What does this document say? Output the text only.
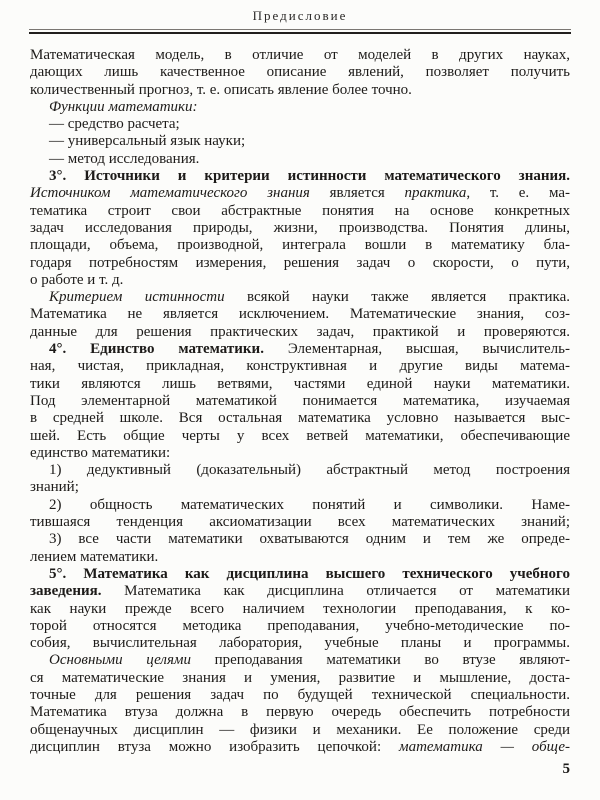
Предисловие
Математическая модель, в отличие от моделей в других науках,
дающих лишь качественное описание явлений, позволяет получить
количественный прогноз, т. е. описать явление более точно.
Функции математики:
— средство расчета;
— универсальный язык науки;
— метод исследования.
3°. Источники и критерии истинности математического знания.
Источником математического знания является практика, т. е. ма-
тематика строит свои абстрактные понятия на основе конкретных
задач исследования природы, жизни, производства. Понятия длины,
площади, объема, производной, интеграла вошли в математику бла-
годаря потребностям измерения, решения задач о скорости, о пути,
о работе и т. д.
Критерием истинности всякой науки также является практика.
Математика не является исключением. Математические знания, соз-
данные для решения практических задач, практикой и проверяются.
4°. Единство математики. Элементарная, высшая, вычислитель-
ная, чистая, прикладная, конструктивная и другие виды матема-
тики являются лишь ветвями, частями единой науки математики.
Под элементарной математикой понимается математика, изучаемая
в средней школе. Вся остальная математика условно называется выс-
шей. Есть общие черты у всех ветвей математики, обеспечивающие
единство математики:
1) дедуктивный (доказательный) абстрактный метод построения
знаний;
2) общность математических понятий и символики. Наме-
тившаяся тенденция аксиоматизации всех математических знаний;
3) все части математики охватываются одним и тем же опреде-
лением математики.
5°. Математика как дисциплина высшего технического учебного
заведения. Математика как дисциплина отличается от математики
как науки прежде всего наличием технологии преподавания, к ко-
торой относятся методика преподавания, учебно-методические по-
собия, вычислительная лаборатория, учебные планы и программы.
Основными целями преподавания математики во втузе являют-
ся математические знания и умения, развитие и мышление, доста-
точные для решения задач по будущей технической специальности.
Математика втуза должна в первую очередь обеспечить потребности
общенаучных дисциплин — физики и механики. Ее положение среди
дисциплин втуза можно изобразить цепочкой: математика — обще-
5
